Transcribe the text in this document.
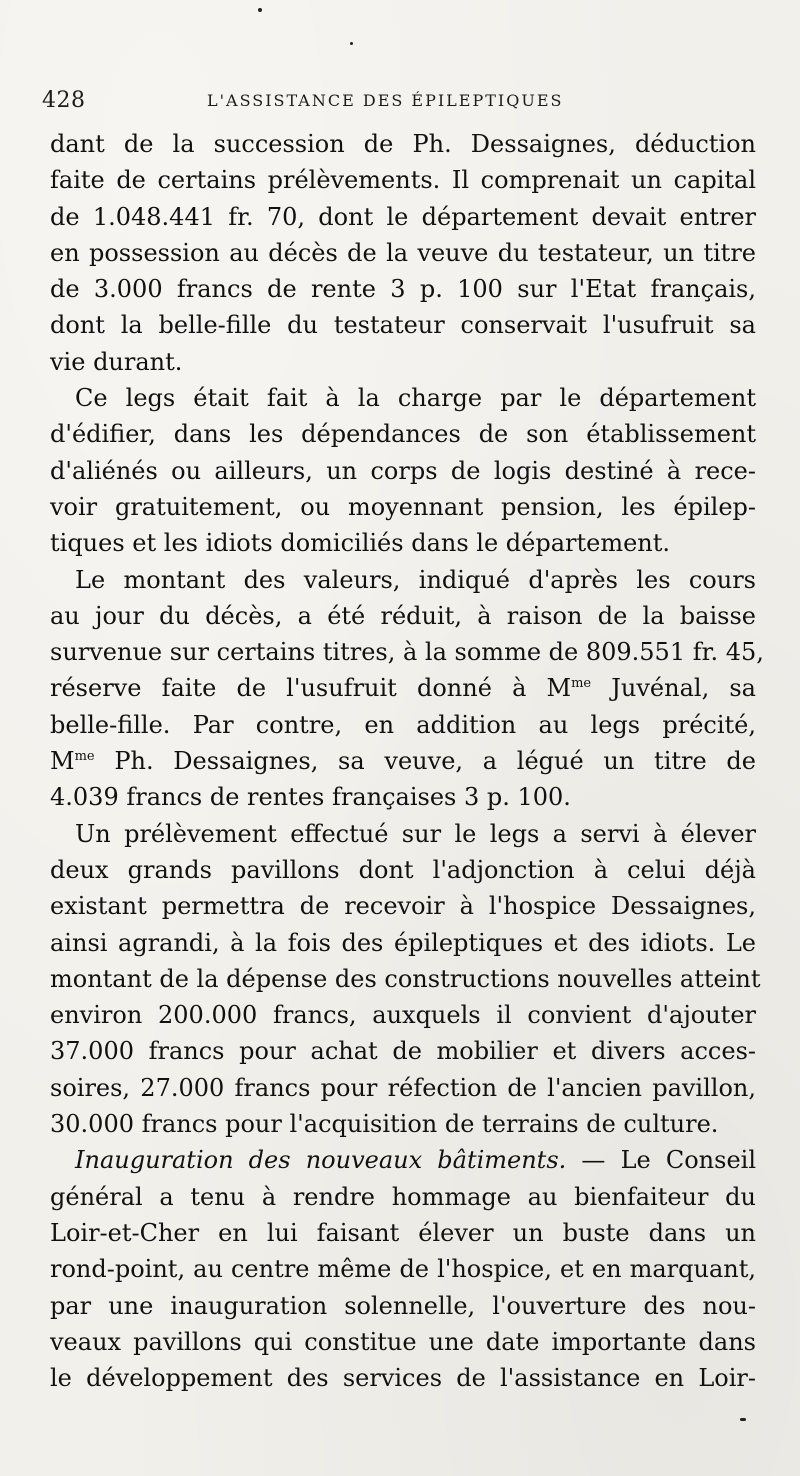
428	L'ASSISTANCE DES ÉPILEPTIQUES
dant de la succession de Ph. Dessaignes, déduction
faite de certains prélèvements. Il comprenait un capital
de 1.048.441 fr. 70, dont le département devait entrer
en possession au décès de la veuve du testateur, un titre
de 3.000 francs de rente 3 p. 100 sur l'Etat français,
dont la belle-fille du testateur conservait l'usufruit sa
vie durant.
Ce legs était fait à la charge par le département
d'édifier, dans les dépendances de son établissement
d'aliénés ou ailleurs, un corps de logis destiné à rece-
voir gratuitement, ou moyennant pension, les épilep-
tiques et les idiots domiciliés dans le département.
Le montant des valeurs, indiqué d'après les cours
au jour du décès, a été réduit, à raison de la baisse
survenue sur certains titres, à la somme de 809.551 fr. 45,
réserve faite de l'usufruit donné à $M^{me}$ Juvénal, sa
belle-fille. Par contre, en addition au legs précité,
$M^{me}$ Ph. Dessaignes, sa veuve, a légué un titre de
4.039 francs de rentes françaises 3 p. 100.
Un prélèvement effectué sur le legs a servi à élever
deux grands pavillons dont l'adjonction à celui déjà
existant permettra de recevoir à l'hospice Dessaignes,
ainsi agrandi, à la fois des épileptiques et des idiots. Le
montant de la dépense des constructions nouvelles atteint
environ 200.000 francs, auxquels il convient d'ajouter
37.000 francs pour achat de mobilier et divers acces-
soires, 27.000 francs pour réfection de l'ancien pavillon,
30.000 francs pour l'acquisition de terrains de culture.
Inauguration des nouveaux bâtiments. — Le Conseil
général a tenu à rendre hommage au bienfaiteur du
Loir-et-Cher en lui faisant élever un buste dans un
rond-point, au centre même de l'hospice, et en marquant,
par une inauguration solennelle, l'ouverture des nou-
veaux pavillons qui constitue une date importante dans
le développement des services de l'assistance en Loir-
